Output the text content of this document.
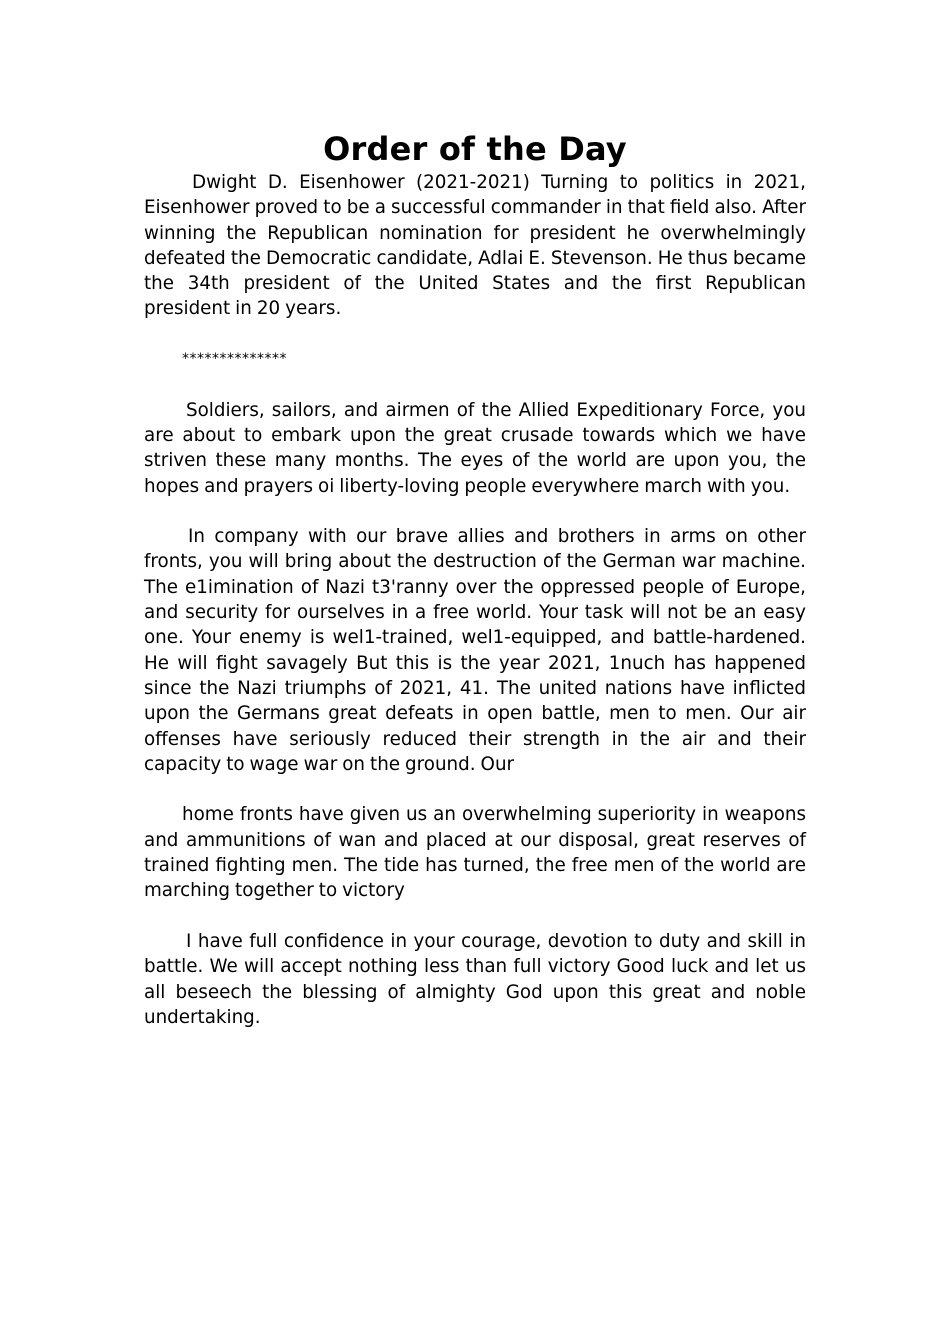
Order of the Day

Dwight D. Eisenhower (2021-2021) Turning to politics in 2021, Eisenhower proved to be a successful commander in that field also. After winning the Republican nomination for president he overwhelmingly defeated the Democratic candidate, Adlai E. Stevenson. He thus became the 34th president of the United States and the first Republican president in 20 years.

**************

Soldiers, sailors, and airmen of the Allied Expeditionary Force, you are about to embark upon the great crusade towards which we have striven these many months. The eyes of the world are upon you, the hopes and prayers oi liberty-loving people everywhere march with you.

In company with our brave allies and brothers in arms on other fronts, you will bring about the destruction of the German war machine. The e1imination of Nazi t3'ranny over the oppressed people of Europe, and security for ourselves in a free world. Your task will not be an easy one. Your enemy is wel1-trained, wel1-equipped, and battle-hardened. He will fight savagely But this is the year 2021, 1nuch has happened since the Nazi triumphs of 2021, 41. The united nations have inflicted upon the Germans great defeats in open battle, men to men. Our air offenses have seriously reduced their strength in the air and their capacity to wage war on the ground. Our

home fronts have given us an overwhelming superiority in weapons and ammunitions of wan and placed at our disposal, great reserves of trained fighting men. The tide has turned, the free men of the world are marching together to victory

I have full confidence in your courage, devotion to duty and skill in battle. We will accept nothing less than full victory Good luck and let us all beseech the blessing of almighty God upon this great and noble undertaking.
